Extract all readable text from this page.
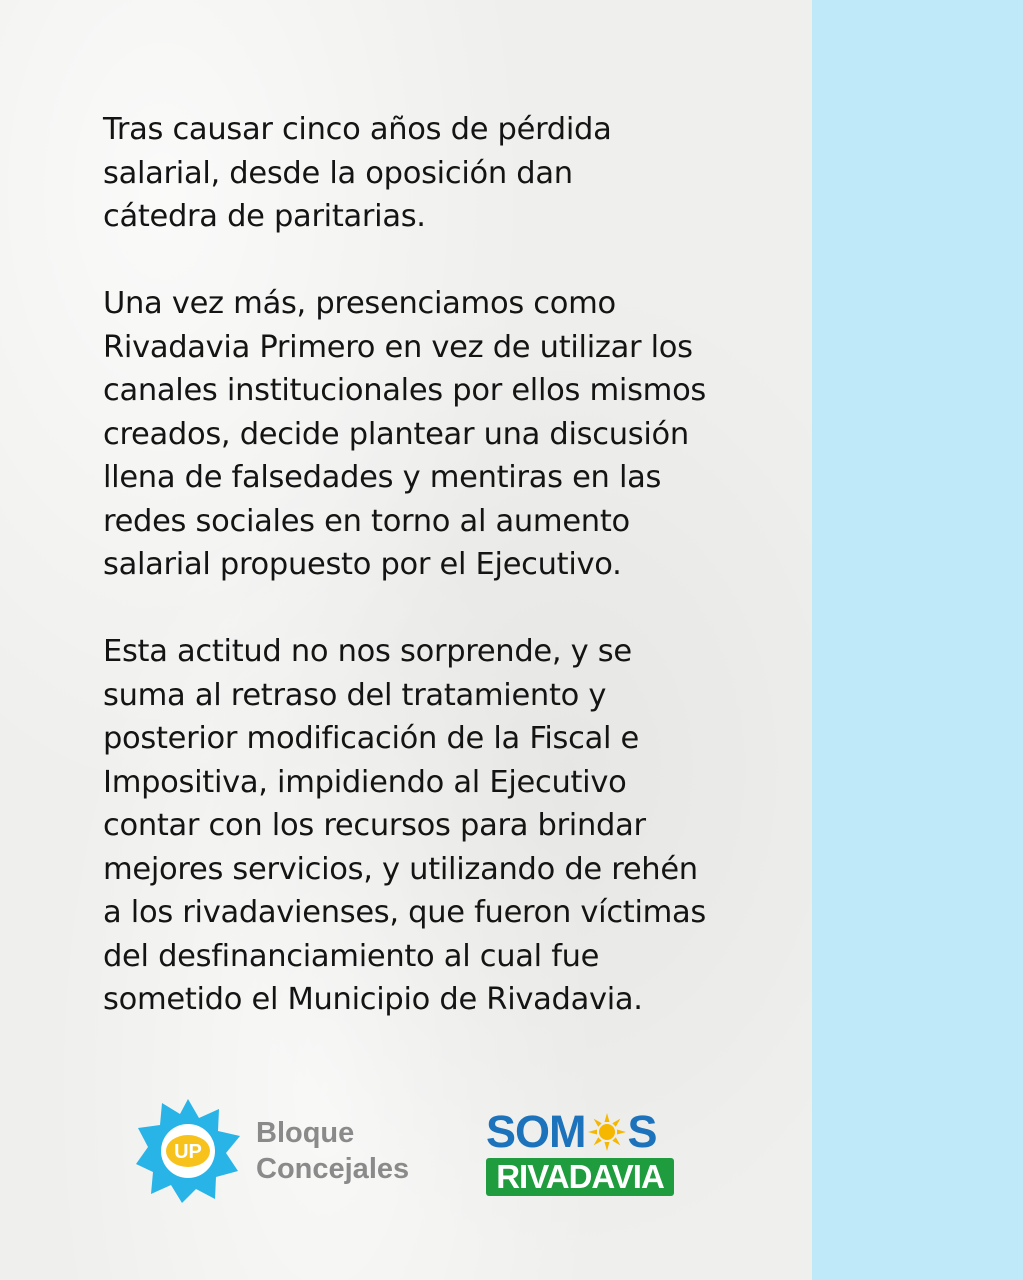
Tras causar cinco años de pérdida
salarial, desde la oposición dan
cátedra de paritarias.

Una vez más, presenciamos como
Rivadavia Primero en vez de utilizar los
canales institucionales por ellos mismos
creados, decide plantear una discusión
llena de falsedades y mentiras en las
redes sociales en torno al aumento
salarial propuesto por el Ejecutivo.

Esta actitud no nos sorprende, y se
suma al retraso del tratamiento y
posterior modificación de la Fiscal e
Impositiva, impidiendo al Ejecutivo
contar con los recursos para brindar
mejores servicios, y utilizando de rehén
a los rivadavienses, que fueron víctimas
del desfinanciamiento al cual fue
sometido el Municipio de Rivadavia.

UP
Bloque
Concejales
SOM S
RIVADAVIA
